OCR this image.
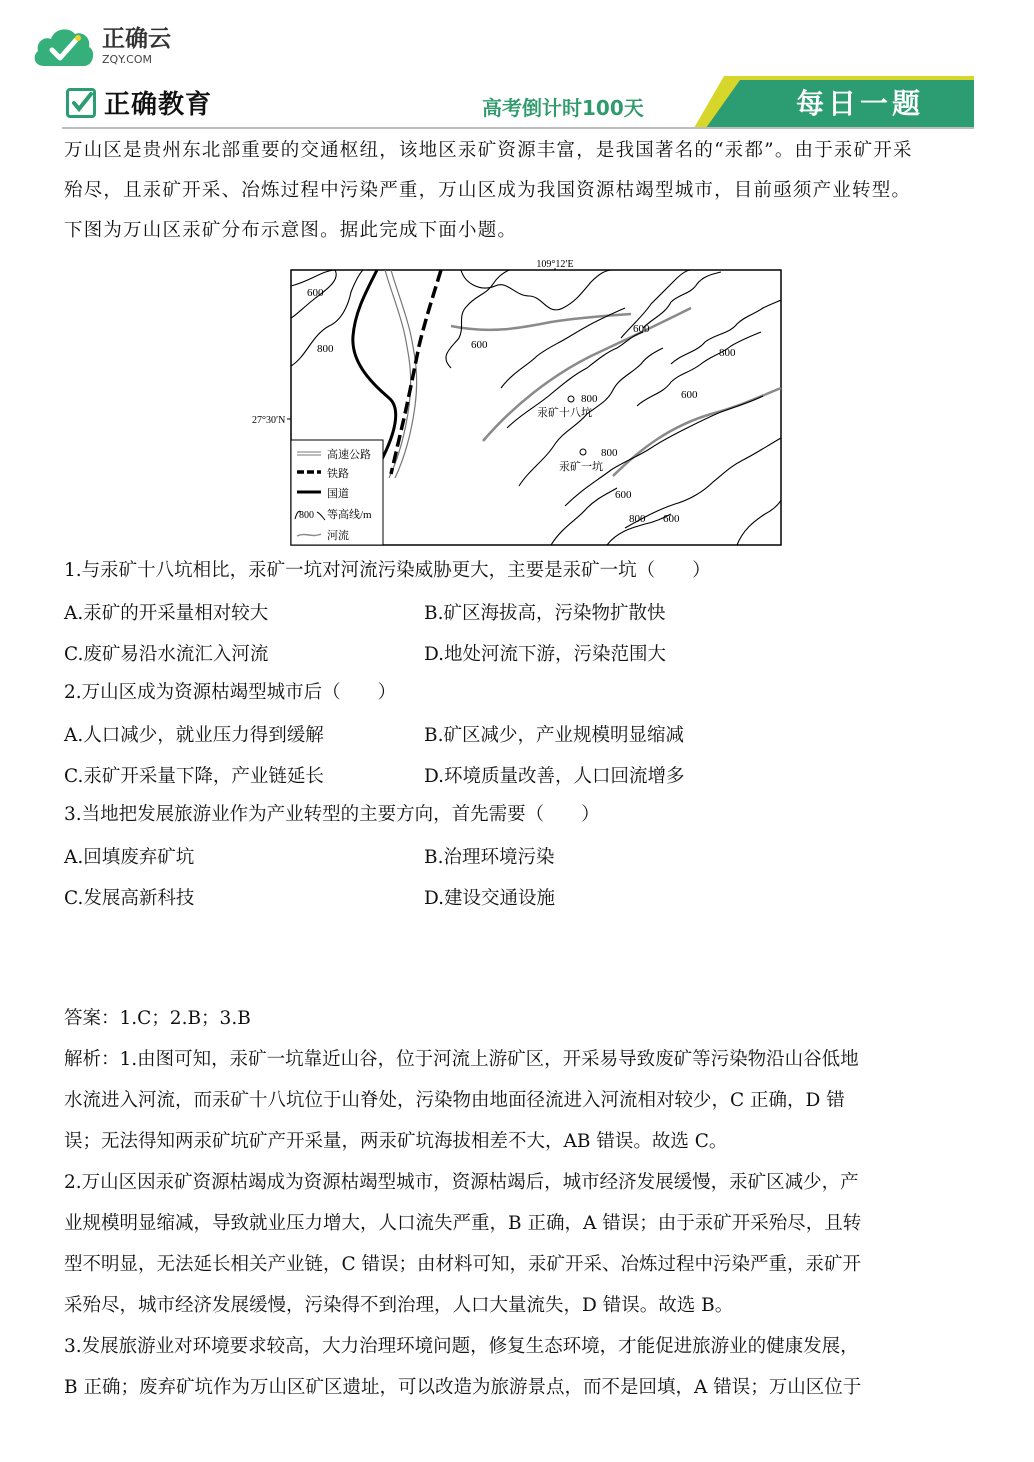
正确云
ZQY.COM
正确教育	高考倒计时100天	每日一题
万山区是贵州东北部重要的交通枢纽，该地区汞矿资源丰富，是我国著名的“汞都”。由于汞矿开采
殆尽，且汞矿开采、冶炼过程中污染严重，万山区成为我国资源枯竭型城市，目前亟须产业转型。
下图为万山区汞矿分布示意图。据此完成下面小题。
109°12′E
27°30′N
600
800	600
600
800
600
800
800
600
800
600
汞矿十八坑
汞矿一坑
高速公路
铁路
国道
800 等高线/m
河流
1.与汞矿十八坑相比，汞矿一坑对河流污染威胁更大，主要是汞矿一坑（　　）
A.汞矿的开采量相对较大	B.矿区海拔高，污染物扩散快
C.废矿易沿水流汇入河流	D.地处河流下游，污染范围大
2.万山区成为资源枯竭型城市后（　　）
A.人口减少，就业压力得到缓解	B.矿区减少，产业规模明显缩减
C.汞矿开采量下降，产业链延长	D.环境质量改善，人口回流增多
3.当地把发展旅游业作为产业转型的主要方向，首先需要（　　）
A.回填废弃矿坑	B.治理环境污染
C.发展高新科技	D.建设交通设施

答案：1.C；2.B；3.B

解析：1.由图可知，汞矿一坑靠近山谷，位于河流上游矿区，开采易导致废矿等污染物沿山谷低地

水流进入河流，而汞矿十八坑位于山脊处，污染物由地面径流进入河流相对较少，C 正确，D 错

误；无法得知两汞矿坑矿产开采量，两汞矿坑海拔相差不大，AB 错误。故选 C。

2.万山区因汞矿资源枯竭成为资源枯竭型城市，资源枯竭后，城市经济发展缓慢，汞矿区减少，产

业规模明显缩减，导致就业压力增大，人口流失严重，B 正确，A 错误；由于汞矿开采殆尽，且转

型不明显，无法延长相关产业链，C 错误；由材料可知，汞矿开采、冶炼过程中污染严重，汞矿开

采殆尽，城市经济发展缓慢，污染得不到治理，人口大量流失，D 错误。故选 B。

3.发展旅游业对环境要求较高，大力治理环境问题，修复生态环境，才能促进旅游业的健康发展，

B 正确；废弃矿坑作为万山区矿区遗址，可以改造为旅游景点，而不是回填，A 错误；万山区位于
